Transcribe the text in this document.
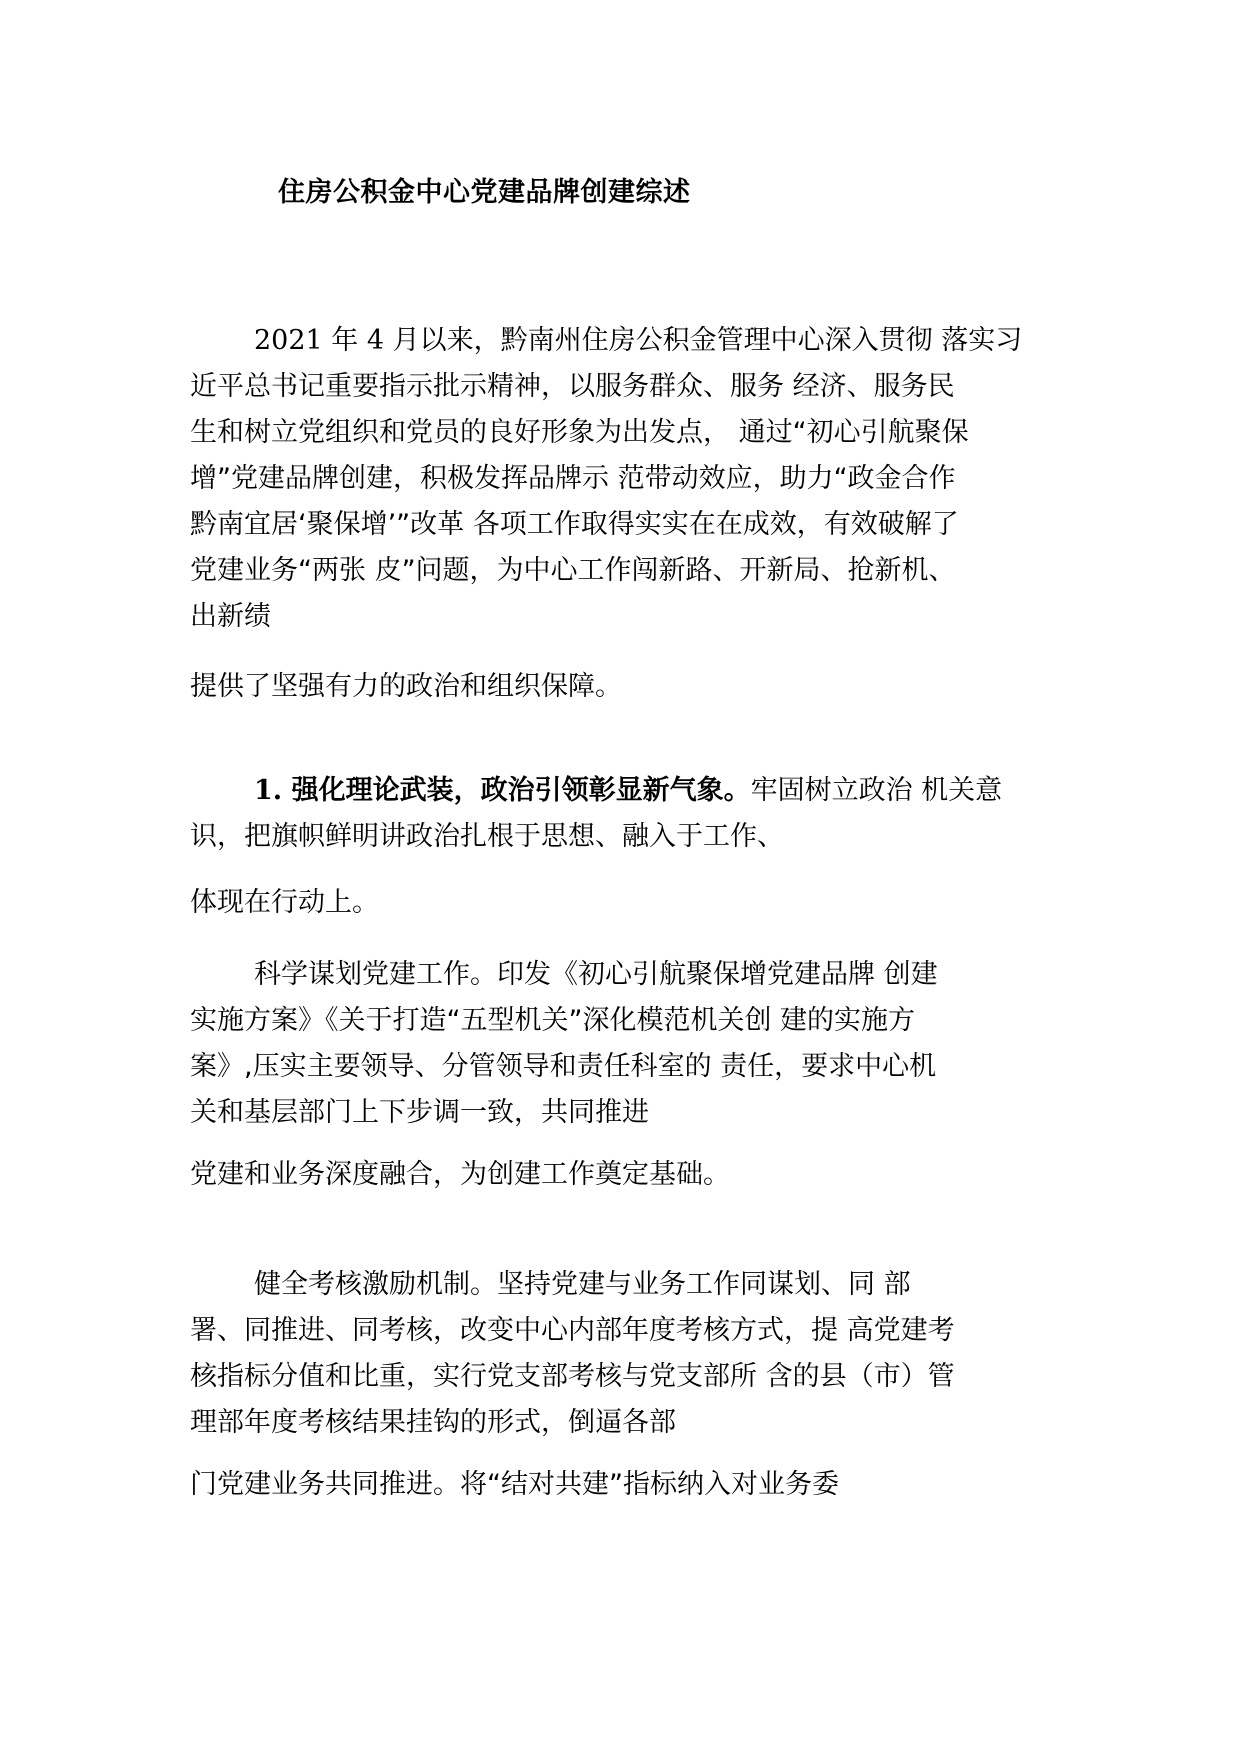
住房公积金中心党建品牌创建综述
2021 年 4 月以来，黔南州住房公积金管理中心深入贯彻 落实习
近平总书记重要指示批示精神，以服务群众、服务 经济、服务民
生和树立党组织和党员的良好形象为出发点， 通过“初心引航聚保
增”党建品牌创建，积极发挥品牌示 范带动效应，助力“政金合作
黔南宜居‘聚保增’”改革 各项工作取得实实在在成效，有效破解了
党建业务“两张 皮”问题，为中心工作闯新路、开新局、抢新机、
出新绩
提供了坚强有力的政治和组织保障。
1. 强化理论武装，政治引领彰显新气象。牢固树立政治 机关意
识，把旗帜鲜明讲政治扎根于思想、融入于工作、
体现在行动上。
科学谋划党建工作。印发《初心引航聚保增党建品牌 创建
实施方案》《关于打造“五型机关”深化模范机关创 建的实施方
案》,压实主要领导、分管领导和责任科室的 责任，要求中心机
关和基层部门上下步调一致，共同推进
党建和业务深度融合，为创建工作奠定基础。
健全考核激励机制。坚持党建与业务工作同谋划、同 部
署、同推进、同考核，改变中心内部年度考核方式，提 高党建考
核指标分值和比重，实行党支部考核与党支部所 含的县（市）管
理部年度考核结果挂钩的形式，倒逼各部
门党建业务共同推进。将“结对共建”指标纳入对业务委
